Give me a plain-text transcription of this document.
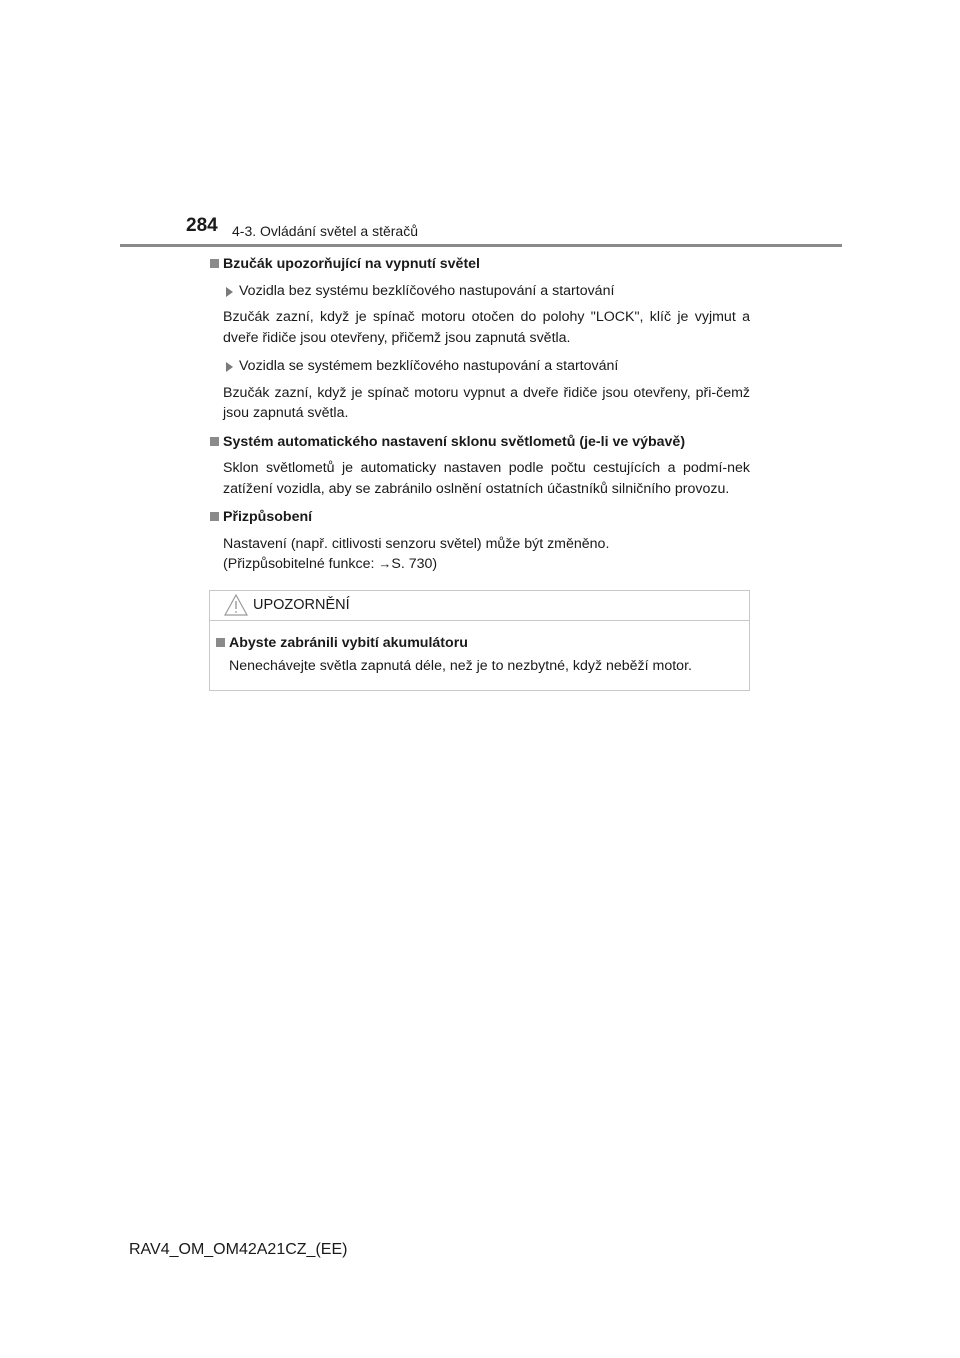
284 4-3. Ovládání světel a stěračů
Bzučák upozorňující na vypnutí světel
Vozidla bez systému bezklíčového nastupování a startování
Bzučák zazní, když je spínač motoru otočen do polohy "LOCK", klíč je vyjmut a dveře řidiče jsou otevřeny, přičemž jsou zapnutá světla.
Vozidla se systémem bezklíčového nastupování a startování
Bzučák zazní, když je spínač motoru vypnut a dveře řidiče jsou otevřeny, při-čemž jsou zapnutá světla.
Systém automatického nastavení sklonu světlometů (je-li ve výbavě)
Sklon světlometů je automaticky nastaven podle počtu cestujících a podmí-nek zatížení vozidla, aby se zabránilo oslnění ostatních účastníků silničního provozu.
Přizpůsobení
Nastavení (např. citlivosti senzoru světel) může být změněno.
(Přizpůsobitelné funkce: →S. 730)
UPOZORNĚNÍ
Abyste zabránili vybití akumulátoru
Nenechávejte světla zapnutá déle, než je to nezbytné, když neběží motor.
RAV4_OM_OM42A21CZ_(EE)
